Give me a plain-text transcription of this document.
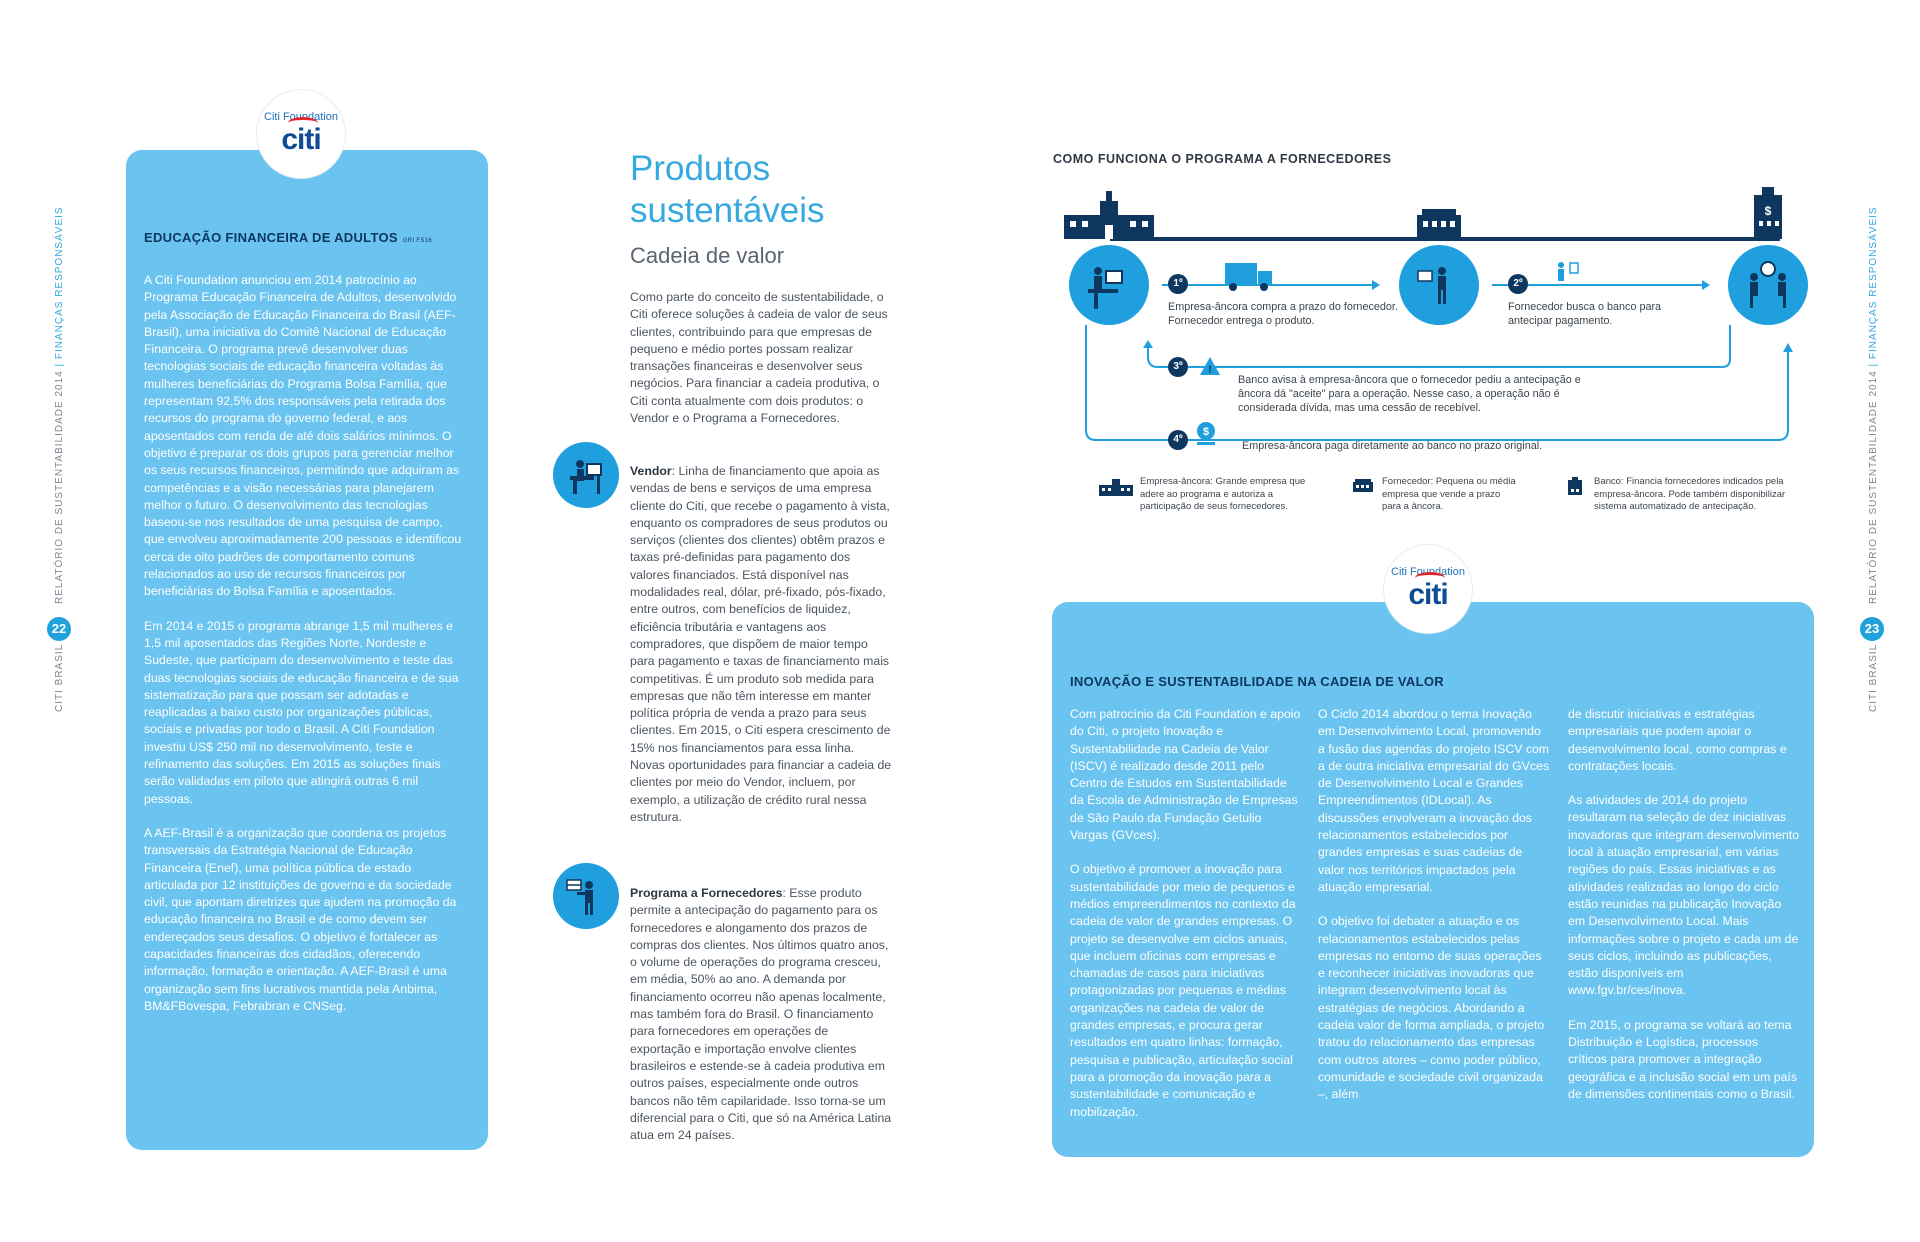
CITI BRASIL
22
RELATÓRIO DE SUSTENTABILIDADE 2014 | FINANÇAS RESPONSÁVEIS
CITI BRASIL
23
RELATÓRIO DE SUSTENTABILIDADE 2014 | FINANÇAS RESPONSÁVEIS
EDUCAÇÃO FINANCEIRA DE ADULTOS GRI FS16

A Citi Foundation anunciou em 2014 patrocínio ao Programa Educação Financeira de Adultos, desenvolvido pela Associação de Educação Financeira do Brasil (AEF-Brasil), uma iniciativa do Comitê Nacional de Educação Financeira. O programa prevê desenvolver duas tecnologias sociais de educação financeira voltadas às mulheres beneficiárias do Programa Bolsa Família, que representam 92,5% dos responsáveis pela retirada dos recursos do programa do governo federal, e aos aposentados com renda de até dois salários mínimos. O objetivo é preparar os dois grupos para gerenciar melhor os seus recursos financeiros, permitindo que adquiram as competências e a visão necessárias para planejarem melhor o futuro. O desenvolvimento das tecnologias baseou-se nos resultados de uma pesquisa de campo, que envolveu aproximadamente 200 pessoas e identificou cerca de oito padrões de comportamento comuns relacionados ao uso de recursos financeiros por beneficiárias do Bolsa Família e aposentados.

Em 2014 e 2015 o programa abrange 1,5 mil mulheres e 1,5 mil aposentados das Regiões Norte, Nordeste e Sudeste, que participam do desenvolvimento e teste das duas tecnologias sociais de educação financeira e de sua sistematização para que possam ser adotadas e reaplicadas a baixo custo por organizações públicas, sociais e privadas por todo o Brasil. A Citi Foundation investiu US$ 250 mil no desenvolvimento, teste e refinamento das soluções. Em 2015 as soluções finais serão validadas em piloto que atingirá outras 6 mil pessoas.

A AEF-Brasil é a organização que coordena os projetos transversais da Estratégia Nacional de Educação Financeira (Enef), uma política pública de estado articulada por 12 instituições de governo e da sociedade civil, que apontam diretrizes que ajudem na promoção da educação financeira no Brasil e de como devem ser endereçados seus desafios. O objetivo é fortalecer as capacidades financeiras dos cidadãos, oferecendo informação, formação e orientação. A AEF-Brasil é uma organização sem fins lucrativos mantida pela Anbima, BM&FBovespa, Febrabran e CNSeg.

Citi Foundation
citi
Produtos
sustentáveis
Cadeia de valor

Como parte do conceito de sustentabilidade, o Citi oferece soluções à cadeia de valor de seus clientes, contribuindo para que empresas de pequeno e médio portes possam realizar transações financeiras e desenvolver seus negócios. Para financiar a cadeia produtiva, o Citi conta atualmente com dois produtos: o Vendor e o Programa a Fornecedores.

Vendor: Linha de financiamento que apoia as vendas de bens e serviços de uma empresa cliente do Citi, que recebe o pagamento à vista, enquanto os compradores de seus produtos ou serviços (clientes dos clientes) obtêm prazos e taxas pré-definidas para pagamento dos valores financiados. Está disponível nas modalidades real, dólar, pré-fixado, pós-fixado, entre outros, com benefícios de liquidez, eficiência tributária e vantagens aos compradores, que dispõem de maior tempo para pagamento e taxas de financiamento mais competitivas. É um produto sob medida para empresas que não têm interesse em manter política própria de venda a prazo para seus clientes. Em 2015, o Citi espera crescimento de 15% nos financiamentos para essa linha. Novas oportunidades para financiar a cadeia de clientes por meio do Vendor, incluem, por exemplo, a utilização de crédito rural nessa estrutura.

Programa a Fornecedores: Esse produto permite a antecipação do pagamento para os fornecedores e alongamento dos prazos de compras dos clientes. Nos últimos quatro anos, o volume de operações do programa cresceu, em média, 50% ao ano. A demanda por financiamento ocorreu não apenas localmente, mas também fora do Brasil. O financiamento para fornecedores em operações de exportação e importação envolve clientes brasileiros e estende-se à cadeia produtiva em outros países, especialmente onde outros bancos não têm capilaridade. Isso torna-se um diferencial para o Citi, que só na América Latina atua em 24 países.

COMO FUNCIONA O PROGRAMA A FORNECEDORES
$
!
$
1º
Empresa-âncora compra a prazo do fornecedor. Fornecedor entrega o produto.
2º
Fornecedor busca o banco para antecipar pagamento.
3º
Banco avisa à empresa-âncora que o fornecedor pediu a antecipação e âncora dá "aceite" para a operação. Nesse caso, a operação não é considerada dívida, mas uma cessão de recebível.
4º
Empresa-âncora paga diretamente ao banco no prazo original.
Empresa-âncora: Grande empresa que adere ao programa e autoriza a participação de seus fornecedores.
Fornecedor: Pequena ou média empresa que vende a prazo para a âncora.
Banco: Financia fornecedores indicados pela empresa-âncora. Pode também disponibilizar sistema automatizado de antecipação.
INOVAÇÃO E SUSTENTABILIDADE NA CADEIA DE VALOR

Com patrocínio da Citi Foundation e apoio do Citi, o projeto Inovação e Sustentabilidade na Cadeia de Valor (ISCV) é realizado desde 2011 pelo Centro de Estudos em Sustentabilidade da Escola de Administração de Empresas de São Paulo da Fundação Getulio Vargas (GVces).

O objetivo é promover a inovação para sustentabilidade por meio de pequenos e médios empreendimentos no contexto da cadeia de valor de grandes empresas. O projeto se desenvolve em ciclos anuais, que incluem oficinas com empresas e chamadas de casos para iniciativas protagonizadas por pequenas e médias organizações na cadeia de valor de grandes empresas, e procura gerar resultados em quatro linhas: formação, pesquisa e publicação, articulação social para a promoção da inovação para a sustentabilidade e comunicação e mobilização.

O Ciclo 2014 abordou o tema Inovação em Desenvolvimento Local, promovendo a fusão das agendas do projeto ISCV com a de outra iniciativa empresarial do GVces de Desenvolvimento Local e Grandes Empreendimentos (IDLocal). As discussões envolveram a inovação dos relacionamentos estabelecidos por grandes empresas e suas cadeias de valor nos territórios impactados pela atuação empresarial.

O objetivo foi debater a atuação e os relacionamentos estabelecidos pelas empresas no entorno de suas operações e reconhecer iniciativas inovadoras que integram desenvolvimento local às estratégias de negócios. Abordando a cadeia valor de forma ampliada, o projeto tratou do relacionamento das empresas com outros atores – como poder público, comunidade e sociedade civil organizada –, além

de discutir iniciativas e estratégias empresariais que podem apoiar o desenvolvimento local, como compras e contratações locais.

As atividades de 2014 do projeto resultaram na seleção de dez iniciativas inovadoras que integram desenvolvimento local à atuação empresarial, em várias regiões do país. Essas iniciativas e as atividades realizadas ao longo do ciclo estão reunidas na publicação Inovação em Desenvolvimento Local. Mais informações sobre o projeto e cada um de seus ciclos, incluindo as publicações, estão disponíveis em www.fgv.br/ces/inova.

Em 2015, o programa se voltará ao tema Distribuição e Logística, processos críticos para promover a integração geográfica e a inclusão social em um país de dimensões continentais como o Brasil.

Citi Foundation
citi
